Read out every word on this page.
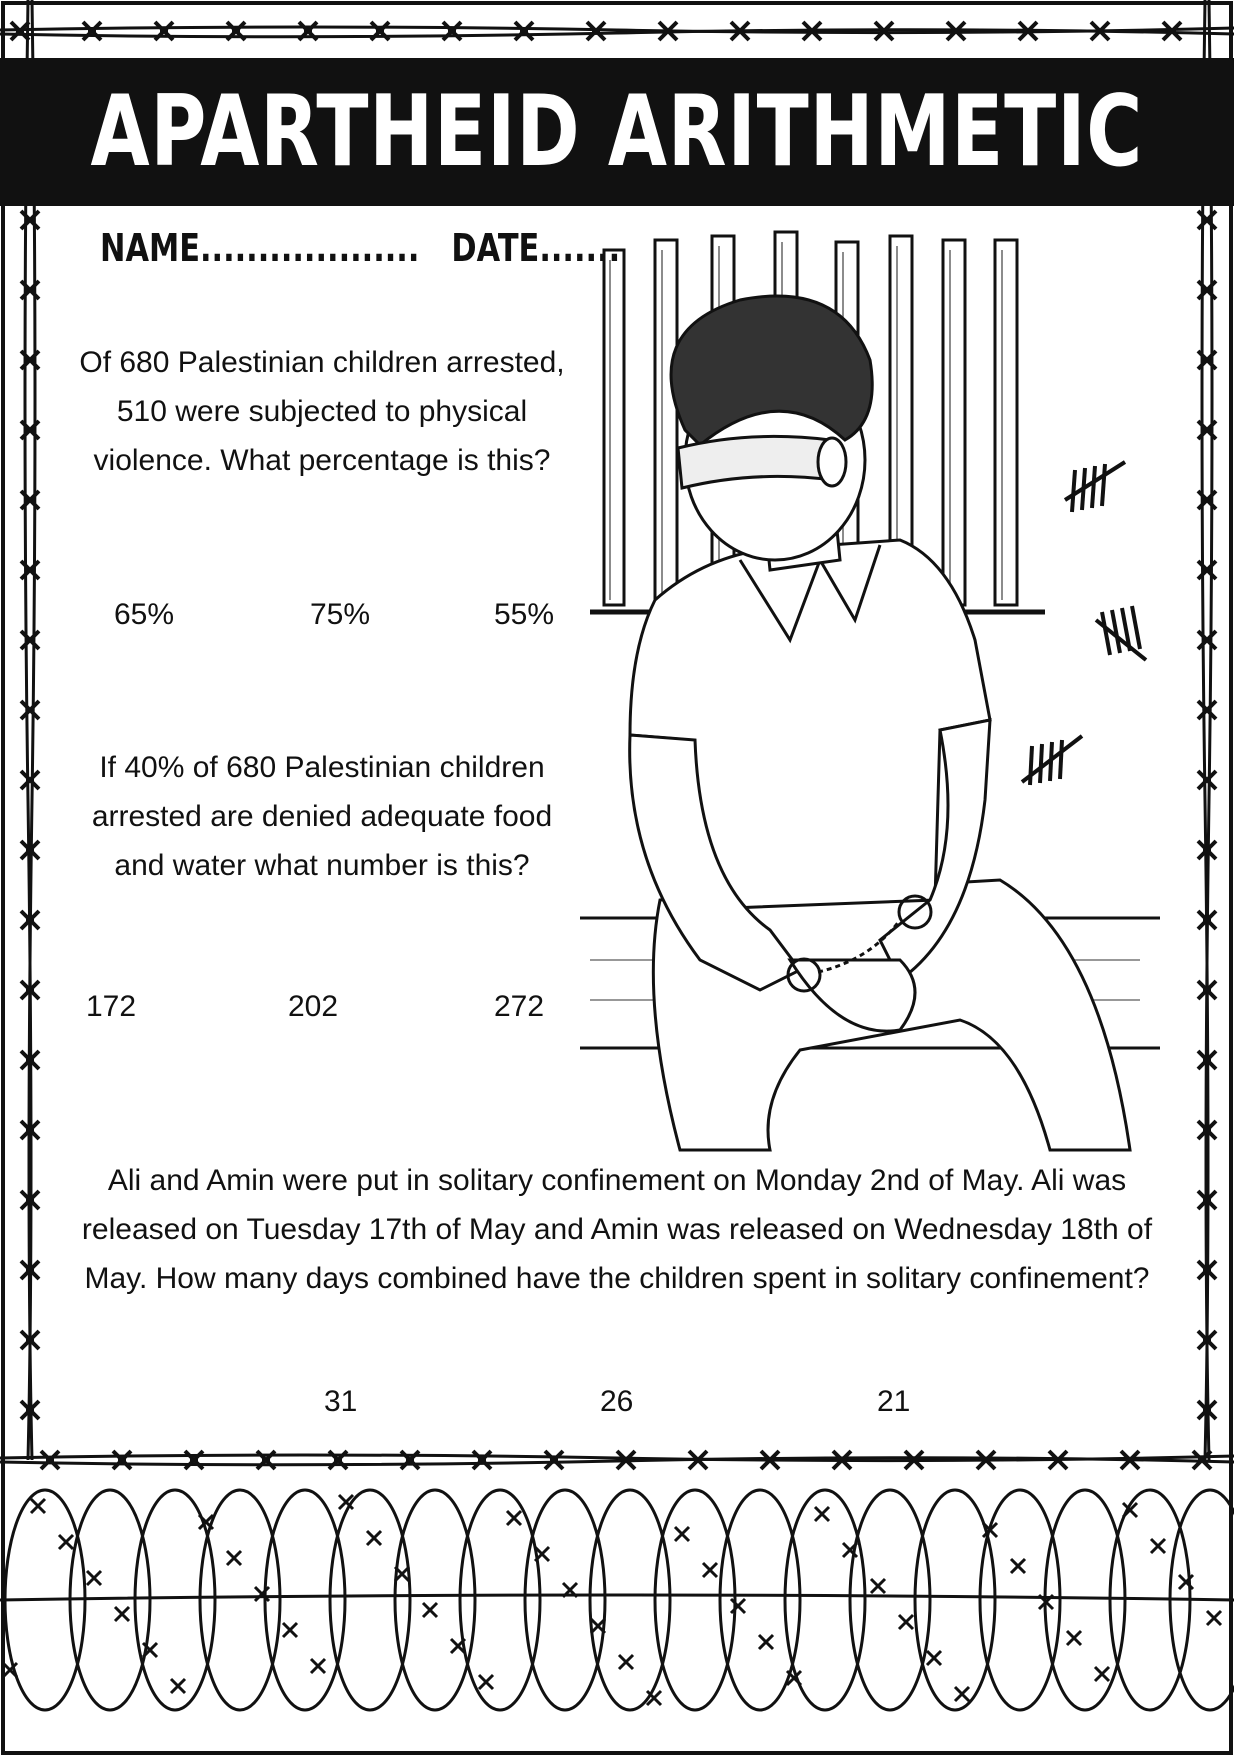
APARTHEID ARITHMETIC
NAME................... DATE.......
Of 680 Palestinian children arrested, 510 were subjected to physical violence. What percentage is this?
65%	75%	55%
If 40% of 680 Palestinian children arrested are denied adequate food and water what number is this?
172	202	272
Ali and Amin were put in solitary confinement on Monday 2nd of May. Ali was released on Tuesday 17th of May and Amin was released on Wednesday 18th of May. How many days combined have the children spent in solitary confinement?
31	26	21
